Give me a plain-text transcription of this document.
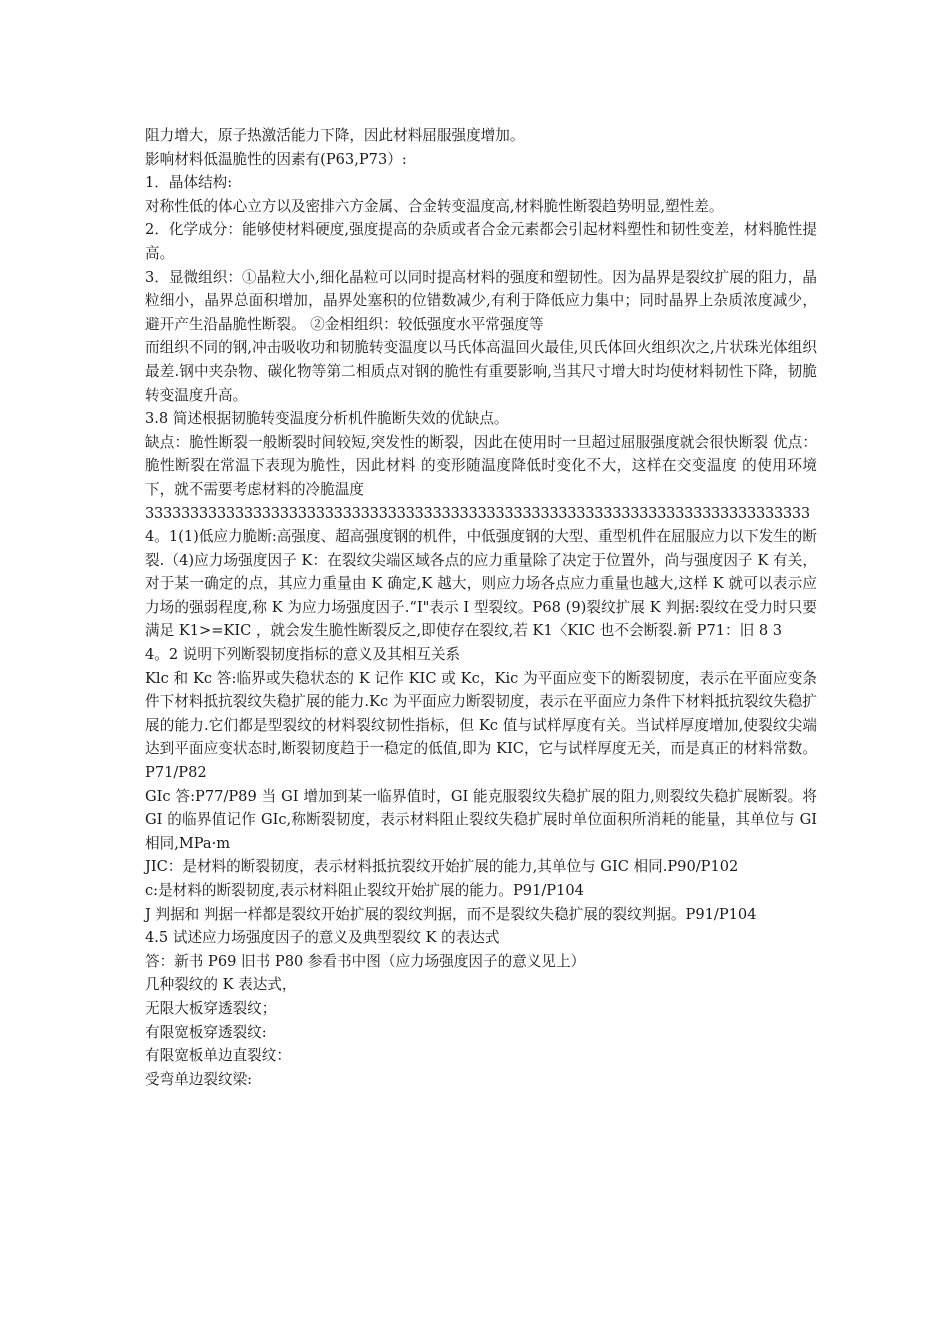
阻力增大，原子热激活能力下降，因此材料屈服强度增加。

影响材料低温脆性的因素有(P63,P73）:

1．晶体结构:

对称性低的体心立方以及密排六方金属、合金转变温度高,材料脆性断裂趋势明显,塑性差。

2．化学成分：能够使材料硬度,强度提高的杂质或者合金元素都会引起材料塑性和韧性变差，材料脆性提高。

3．显微组织：①晶粒大小,细化晶粒可以同时提高材料的强度和塑韧性。因为晶界是裂纹扩展的阻力，晶粒细小，晶界总面积增加，晶界处塞积的位错数减少,有利于降低应力集中；同时晶界上杂质浓度减少，避开产生沿晶脆性断裂。 ②金相组织：较低强度水平常强度等

而组织不同的钢,冲击吸收功和韧脆转变温度以马氏体高温回火最佳,贝氏体回火组织次之,片状珠光体组织最差.钢中夹杂物、碳化物等第二相质点对钢的脆性有重要影响,当其尺寸增大时均使材料韧性下降，韧脆转变温度升高。

3.8 简述根据韧脆转变温度分析机件脆断失效的优缺点。

缺点：脆性断裂一般断裂时间较短,突发性的断裂，因此在使用时一旦超过屈服强度就会很快断裂 优点：脆性断裂在常温下表现为脆性，因此材料 的变形随温度降低时变化不大，这样在交变温度 的使用环境下，就不需要考虑材料的冷脆温度

33333333333333333333333333333333333333333333333333333333333333333333333333

4。1(1)低应力脆断:高强度、超高强度钢的机件，中低强度钢的大型、重型机件在屈服应力以下发生的断裂.（4)应力场强度因子 K：在裂纹尖端区域各点的应力重量除了决定于位置外，尚与强度因子 K 有关，对于某一确定的点，其应力重量由 K 确定,K 越大，则应力场各点应力重量也越大,这样 K 就可以表示应力场的强弱程度,称 K 为应力场强度因子.“I"表示 I 型裂纹。P68 (9)裂纹扩展 K 判据:裂纹在受力时只要满足 K1>=KIC ，就会发生脆性断裂反之,即使存在裂纹,若 K1〈KIC 也不会断裂.新 P71：旧 8 3

4。2 说明下列断裂韧度指标的意义及其相互关系

Klc 和 Kc 答:临界或失稳状态的 K 记作 KIC 或 Kc，Kic 为平面应变下的断裂韧度，表示在平面应变条件下材料抵抗裂纹失稳扩展的能力.Kc 为平面应力断裂韧度，表示在平面应力条件下材料抵抗裂纹失稳扩展的能力.它们都是型裂纹的材料裂纹韧性指标，但 Kc 值与试样厚度有关。当试样厚度增加,使裂纹尖端达到平面应变状态时,断裂韧度趋于一稳定的低值,即为 KIC，它与试样厚度无关，而是真正的材料常数。P71/P82

GIc 答:P77/P89 当 GI 增加到某一临界值时，GI 能克服裂纹失稳扩展的阻力,则裂纹失稳扩展断裂。将 GI 的临界值记作 GIc,称断裂韧度，表示材料阻止裂纹失稳扩展时单位面积所消耗的能量，其单位与 GI 相同,MPa·m

JIC：是材料的断裂韧度，表示材料抵抗裂纹开始扩展的能力,其单位与 GIC 相同.P90/P102

c:是材料的断裂韧度,表示材料阻止裂纹开始扩展的能力。P91/P104

J 判据和 判据一样都是裂纹开始扩展的裂纹判据，而不是裂纹失稳扩展的裂纹判据。P91/P104

4.5 试述应力场强度因子的意义及典型裂纹 K 的表达式

答：新书 P69 旧书 P80 参看书中图（应力场强度因子的意义见上）

几种裂纹的 K 表达式，

无限大板穿透裂纹；

有限宽板穿透裂纹:

有限宽板单边直裂纹：

受弯单边裂纹梁:
